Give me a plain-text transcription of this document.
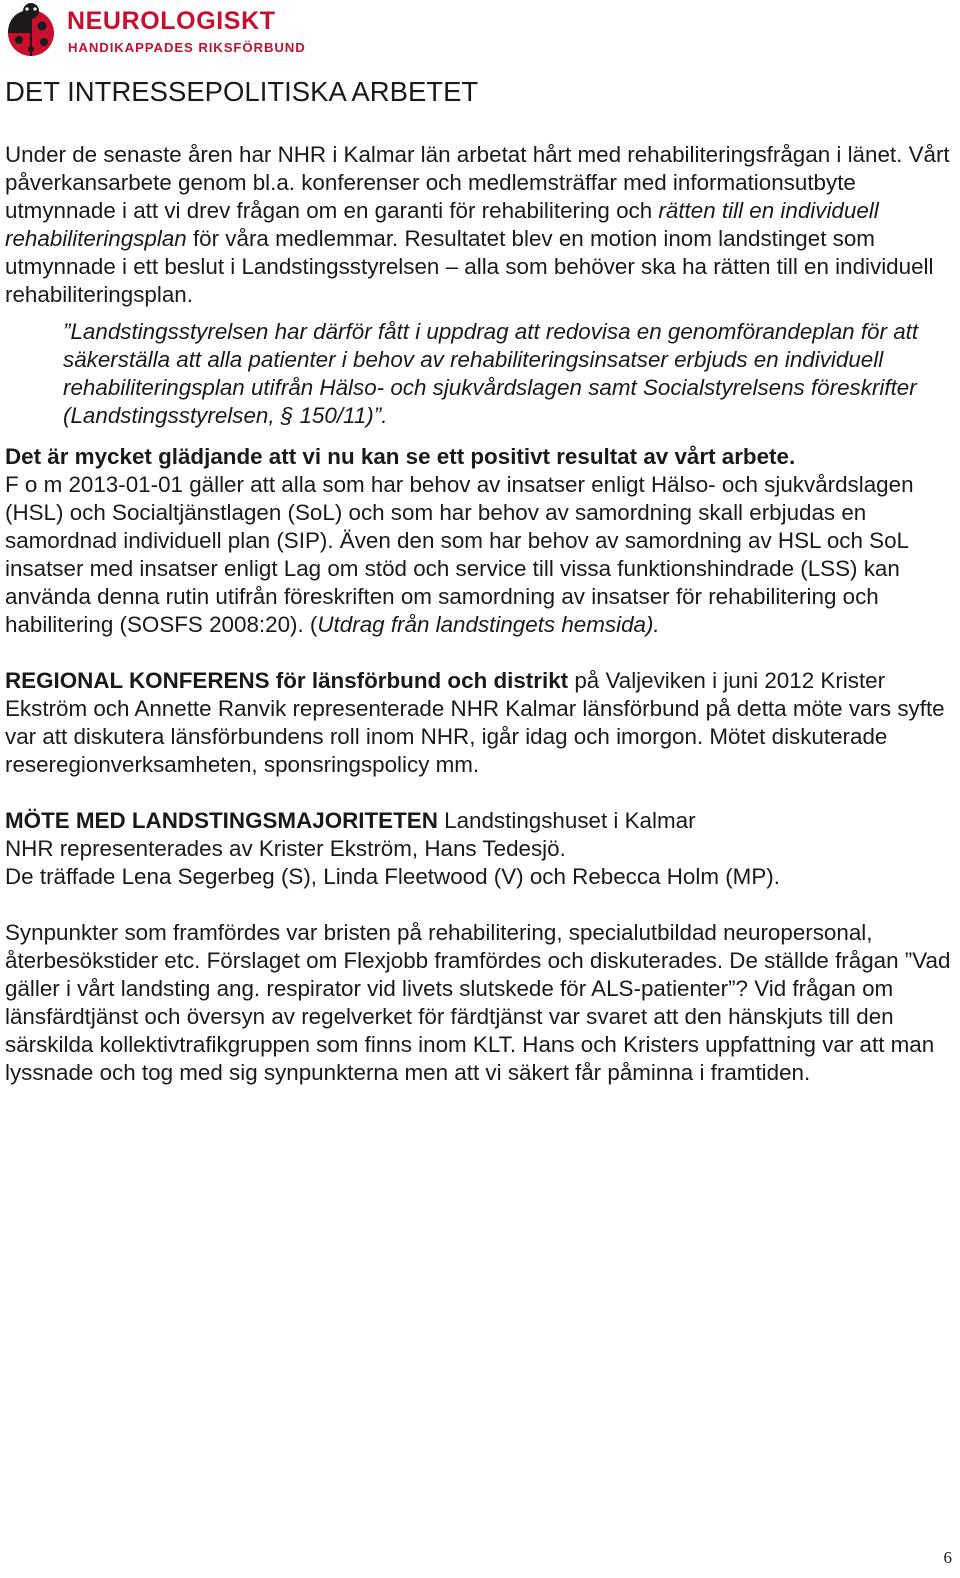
NEUROLOGISKT
HANDIKAPPADES RIKSFÖRBUND
DET INTRESSEPOLITISKA ARBETET

Under de senaste åren har NHR i Kalmar län arbetat hårt med rehabiliteringsfrågan i länet. Vårt påverkansarbete genom bl.a. konferenser och medlemsträffar med informationsutbyte utmynnade i att vi drev frågan om en garanti för rehabilitering och rätten till en individuell rehabiliteringsplan för våra medlemmar. Resultatet blev en motion inom landstinget som utmynnade i ett beslut i Landstingsstyrelsen – alla som behöver ska ha rätten till en individuell rehabiliteringsplan.

”Landstingsstyrelsen har därför fått i uppdrag att redovisa en genomförandeplan för att säkerställa att alla patienter i behov av rehabiliteringsinsatser erbjuds en individuell rehabiliteringsplan utifrån Hälso- och sjukvårdslagen samt Socialstyrelsens föreskrifter (Landstingsstyrelsen, § 150/11)”.

Det är mycket glädjande att vi nu kan se ett positivt resultat av vårt arbete.
F o m 2013-01-01 gäller att alla som har behov av insatser enligt Hälso- och sjukvårdslagen (HSL) och Socialtjänstlagen (SoL) och som har behov av samordning skall erbjudas en samordnad individuell plan (SIP). Även den som har behov av samordning av HSL och SoL insatser med insatser enligt Lag om stöd och service till vissa funktionshindrade (LSS) kan använda denna rutin utifrån föreskriften om samordning av insatser för rehabilitering och habilitering (SOSFS 2008:20). (Utdrag från landstingets hemsida).

REGIONAL KONFERENS för länsförbund och distrikt på Valjeviken i juni 2012 Krister Ekström och Annette Ranvik representerade NHR Kalmar länsförbund på detta möte vars syfte var att diskutera länsförbundens roll inom NHR, igår idag och imorgon. Mötet diskuterade reseregionverksamheten, sponsringspolicy mm.

MÖTE MED LANDSTINGSMAJORITETEN Landstingshuset i Kalmar
NHR representerades av Krister Ekström, Hans Tedesjö.
De träffade Lena Segerbeg (S), Linda Fleetwood (V) och Rebecca Holm (MP).

Synpunkter som framfördes var bristen på rehabilitering, specialutbildad neuropersonal, återbesökstider etc. Förslaget om Flexjobb framfördes och diskuterades. De ställde frågan ”Vad gäller i vårt landsting ang. respirator vid livets slutskede för ALS-patienter”? Vid frågan om länsfärdtjänst och översyn av regelverket för färdtjänst var svaret att den hänskjuts till den särskilda kollektivtrafikgruppen som finns inom KLT. Hans och Kristers uppfattning var att man lyssnade och tog med sig synpunkterna men att vi säkert får påminna i framtiden.

6
